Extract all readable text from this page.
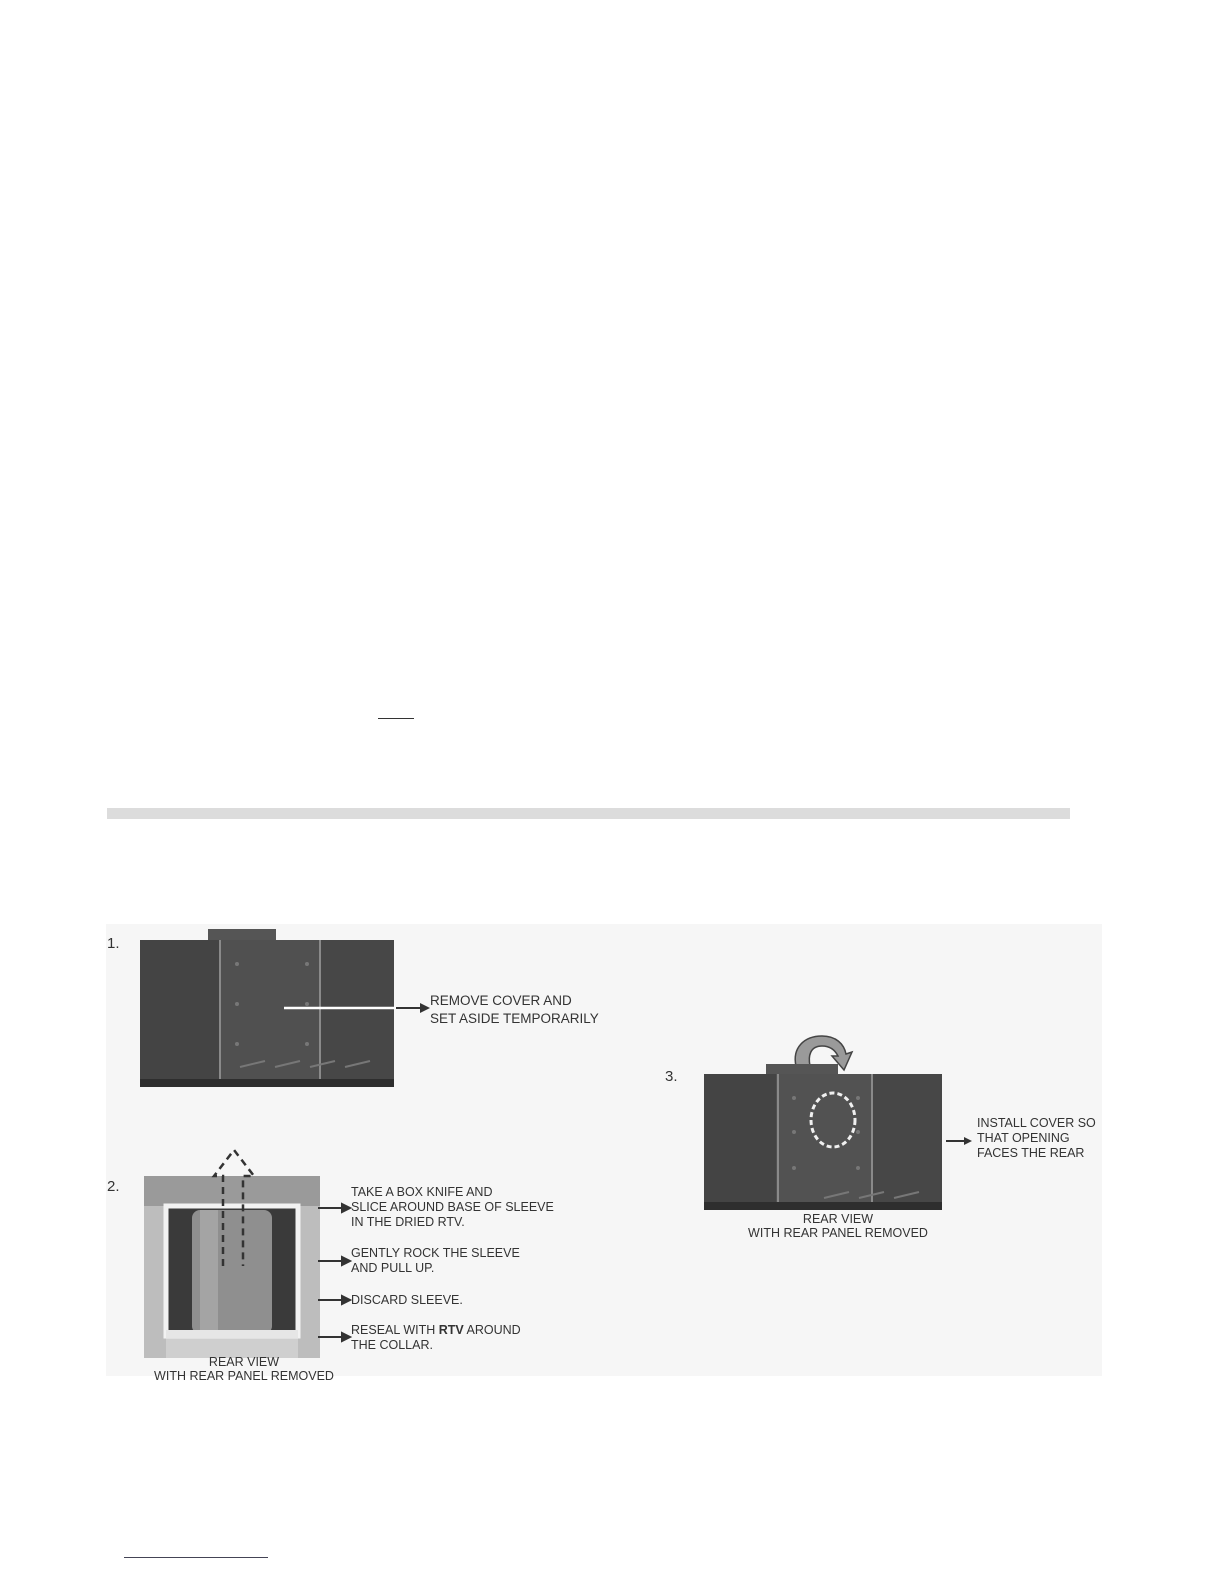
1.
REMOVE COVER AND
SET ASIDE TEMPORARILY
2.	TAKE A BOX KNIFE AND
SLICE AROUND BASE OF SLEEVE
IN THE DRIED RTV.
GENTLY ROCK THE SLEEVE
AND PULL UP.
DISCARD SLEEVE.
RESEAL WITH RTV AROUND
THE COLLAR.
REAR VIEW
WITH REAR PANEL REMOVED
3.
INSTALL COVER SO
THAT OPENING
FACES THE REAR
REAR VIEW
WITH REAR PANEL REMOVED
